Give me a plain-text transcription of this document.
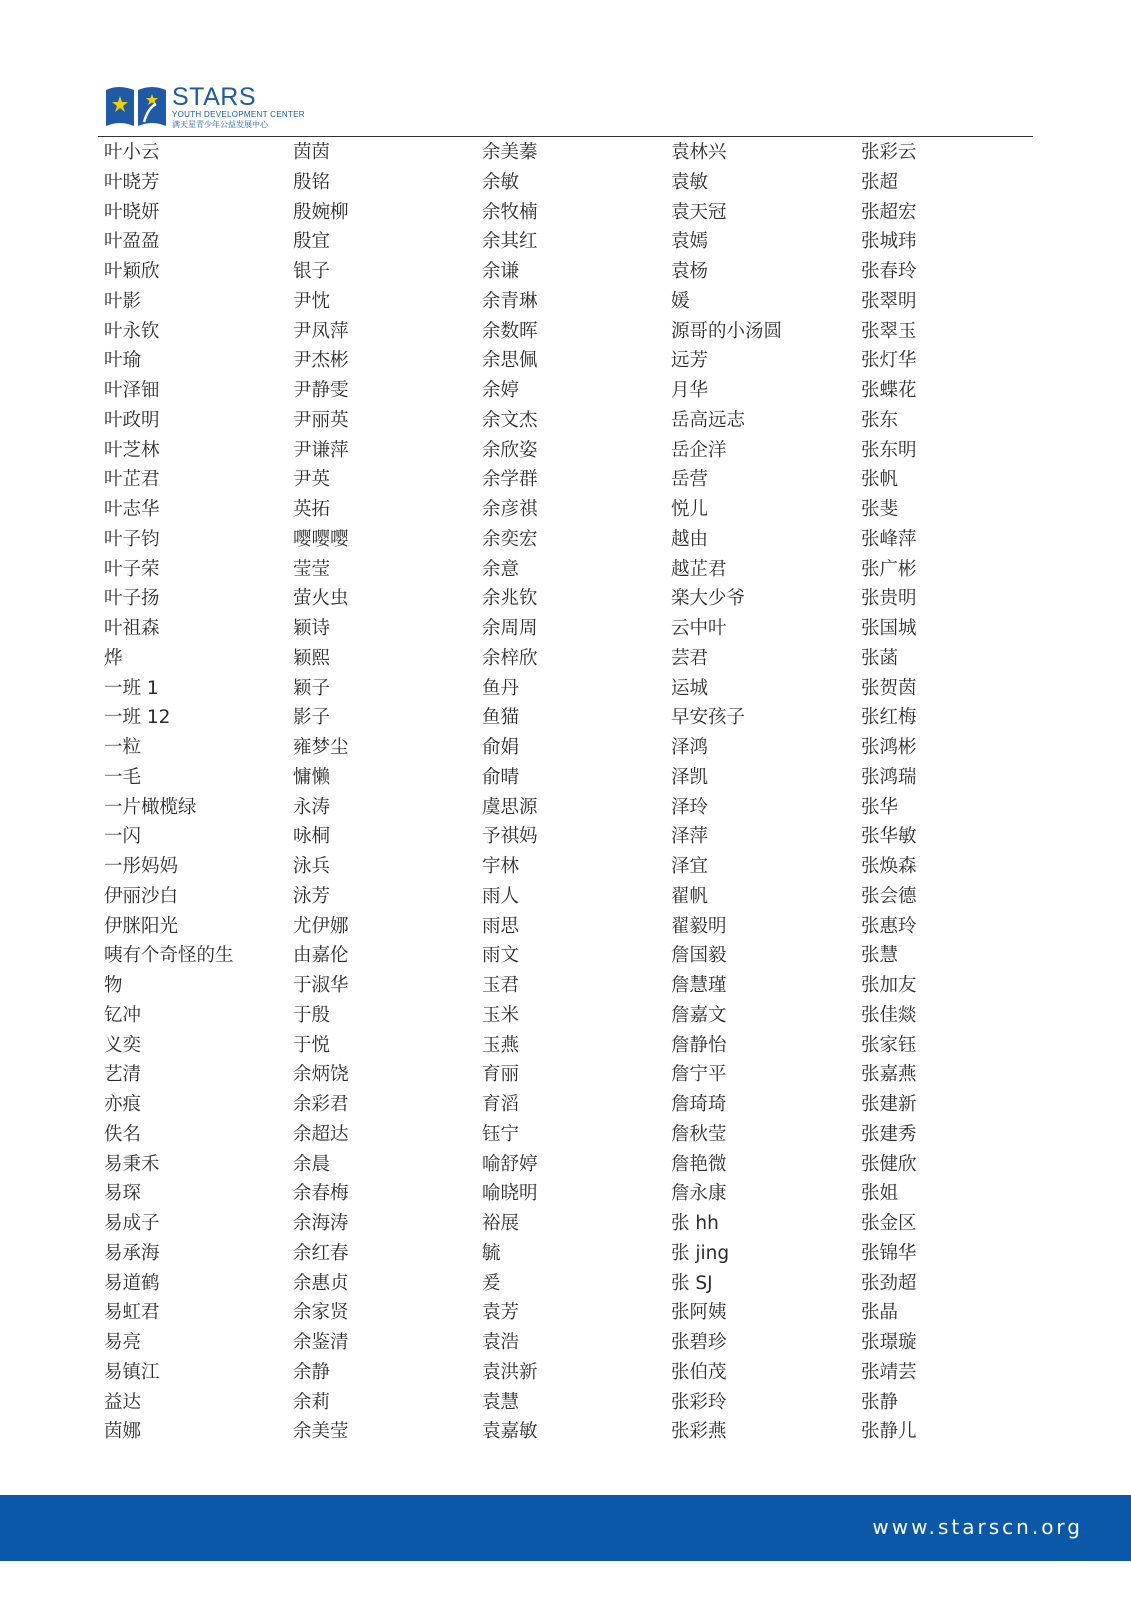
STARS
YOUTH DEVELOPMENT CENTER
满天星青少年公益发展中心
叶小云
叶晓芳
叶晓妍
叶盈盈
叶颖欣
叶影
叶永钦
叶瑜
叶泽钿
叶政明
叶芝林
叶芷君
叶志华
叶子钧
叶子荣
叶子扬
叶祖森
烨
一班 1
一班 12
一粒
一毛
一片橄榄绿
一闪
一彤妈妈
伊丽沙白
伊脒阳光
咦有个奇怪的生
物
钇冲
义奕
艺清
亦痕
佚名
易秉禾
易琛
易成子
易承海
易道鹤
易虹君
易亮
易镇江
益达
茵娜
茵茵
殷铭
殷婉柳
殷宜
银子
尹忱
尹凤萍
尹杰彬
尹静雯
尹丽英
尹谦萍
尹英
英拓
嘤嘤嘤
莹莹
萤火虫
颖诗
颖熙
颖子
影子
雍梦尘
慵懒
永涛
咏桐
泳兵
泳芳
尤伊娜
由嘉伦
于淑华
于殷
于悦
余炳饶
余彩君
余超达
余晨
余春梅
余海涛
余红春
余惠贞
余家贤
余鉴清
余静
余莉
余美莹
余美蓁
余敏
余牧楠
余其红
余谦
余青琳
余数晖
余思佩
余婷
余文杰
余欣姿
余学群
余彦祺
余奕宏
余意
余兆钦
余周周
余梓欣
鱼丹
鱼猫
俞娟
俞晴
虞思源
予祺妈
宇林
雨人
雨思
雨文
玉君
玉米
玉燕
育丽
育滔
钰宁
喻舒婷
喻晓明
裕展
毓
爰
袁芳
袁浩
袁洪新
袁慧
袁嘉敏
袁林兴
袁敏
袁天冠
袁嫣
袁杨
媛
源哥的小汤圆
远芳
月华
岳高远志
岳企洋
岳营
悦儿
越由
越芷君
楽大少爷
云中叶
芸君
运城
早安孩子
泽鸿
泽凯
泽玲
泽萍
泽宜
翟帆
翟毅明
詹国毅
詹慧瑾
詹嘉文
詹静怡
詹宁平
詹琦琦
詹秋莹
詹艳微
詹永康
张 hh
张 jing
张 SJ
张阿姨
张碧珍
张伯茂
张彩玲
张彩燕
张彩云
张超
张超宏
张城玮
张春玲
张翠明
张翠玉
张灯华
张蝶花
张东
张东明
张帆
张斐
张峰萍
张广彬
张贵明
张国城
张菡
张贺茵
张红梅
张鸿彬
张鸿瑞
张华
张华敏
张焕森
张会德
张惠玲
张慧
张加友
张佳燚
张家钰
张嘉燕
张建新
张建秀
张健欣
张姐
张金区
张锦华
张劲超
张晶
张璟璇
张靖芸
张静
张静儿
www.starscn.org
